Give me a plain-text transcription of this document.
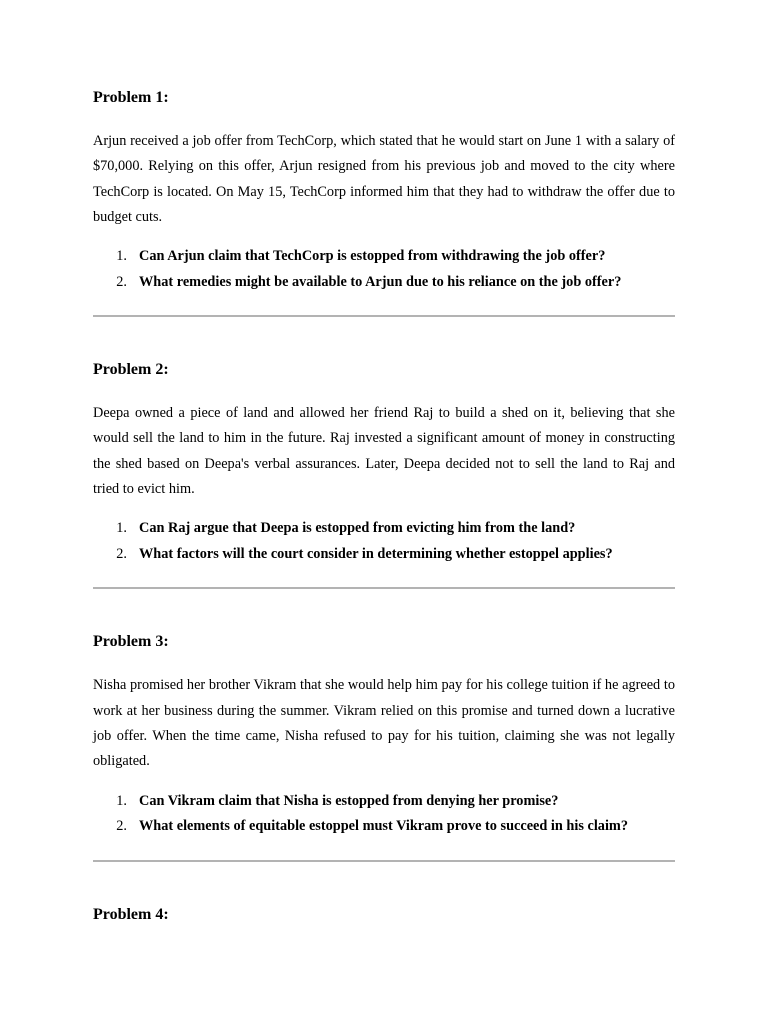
Problem 1:

Arjun received a job offer from TechCorp, which stated that he would start on June 1 with a salary of $70,000. Relying on this offer, Arjun resigned from his previous job and moved to the city where TechCorp is located. On May 15, TechCorp informed him that they had to withdraw the offer due to budget cuts.

1. Can Arjun claim that TechCorp is estopped from withdrawing the job offer?
2. What remedies might be available to Arjun due to his reliance on the job offer?
Problem 2:

Deepa owned a piece of land and allowed her friend Raj to build a shed on it, believing that she would sell the land to him in the future. Raj invested a significant amount of money in constructing the shed based on Deepa's verbal assurances. Later, Deepa decided not to sell the land to Raj and tried to evict him.

1. Can Raj argue that Deepa is estopped from evicting him from the land?
2. What factors will the court consider in determining whether estoppel applies?
Problem 3:

Nisha promised her brother Vikram that she would help him pay for his college tuition if he agreed to work at her business during the summer. Vikram relied on this promise and turned down a lucrative job offer. When the time came, Nisha refused to pay for his tuition, claiming she was not legally obligated.

1. Can Vikram claim that Nisha is estopped from denying her promise?
2. What elements of equitable estoppel must Vikram prove to succeed in his claim?
Problem 4:
